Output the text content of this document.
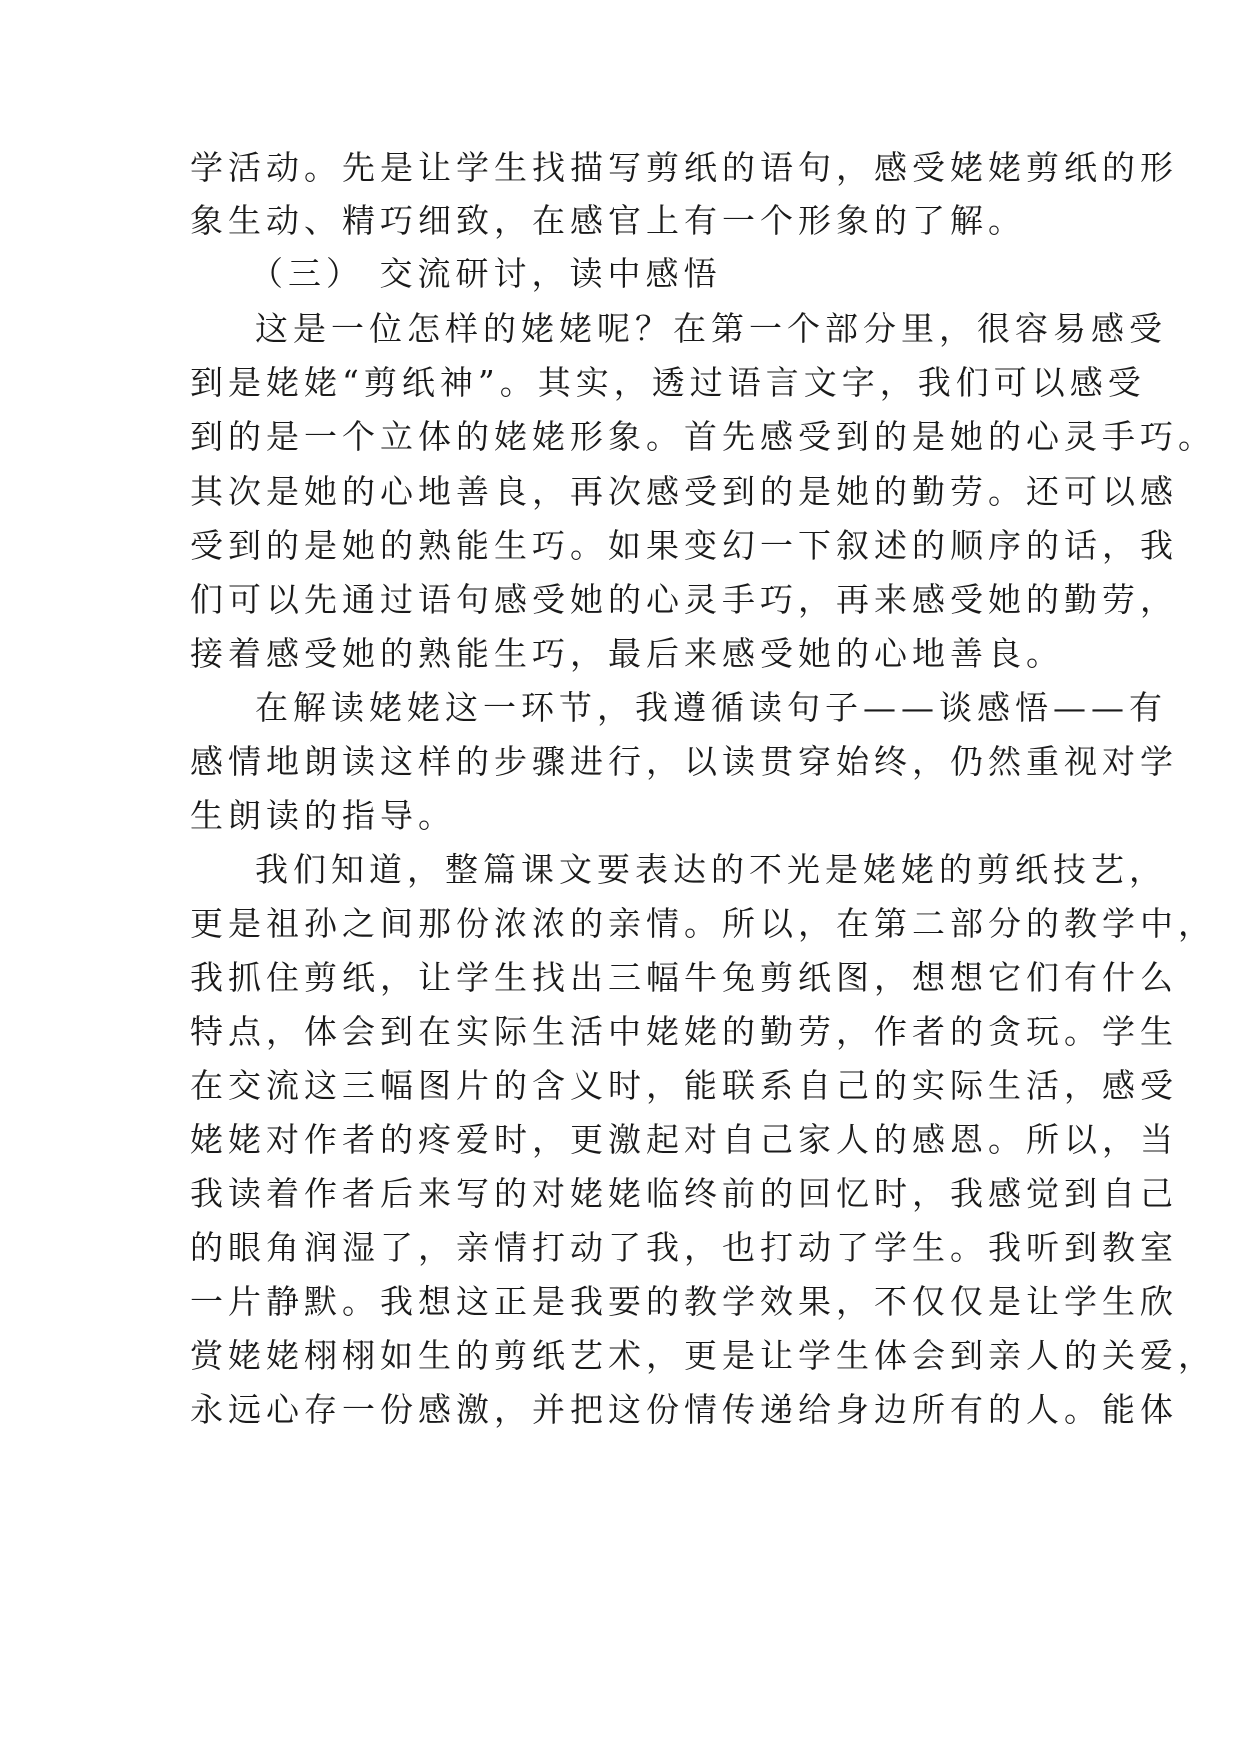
学活动。先是让学生找描写剪纸的语句，感受姥姥剪纸的形
象生动、精巧细致，在感官上有一个形象的了解。
（三） 交流研讨，读中感悟
这是一位怎样的姥姥呢？在第一个部分里，很容易感受
到是姥姥“剪纸神”。其实，透过语言文字，我们可以感受
到的是一个立体的姥姥形象。首先感受到的是她的心灵手巧。
其次是她的心地善良，再次感受到的是她的勤劳。还可以感
受到的是她的熟能生巧。如果变幻一下叙述的顺序的话，我
们可以先通过语句感受她的心灵手巧，再来感受她的勤劳，
接着感受她的熟能生巧，最后来感受她的心地善良。
在解读姥姥这一环节，我遵循读句子——谈感悟——有
感情地朗读这样的步骤进行，以读贯穿始终，仍然重视对学
生朗读的指导。
我们知道，整篇课文要表达的不光是姥姥的剪纸技艺，
更是祖孙之间那份浓浓的亲情。所以，在第二部分的教学中，
我抓住剪纸，让学生找出三幅牛兔剪纸图，想想它们有什么
特点，体会到在实际生活中姥姥的勤劳，作者的贪玩。学生
在交流这三幅图片的含义时，能联系自己的实际生活，感受
姥姥对作者的疼爱时，更激起对自己家人的感恩。所以，当
我读着作者后来写的对姥姥临终前的回忆时，我感觉到自己
的眼角润湿了，亲情打动了我，也打动了学生。我听到教室
一片静默。我想这正是我要的教学效果，不仅仅是让学生欣
赏姥姥栩栩如生的剪纸艺术，更是让学生体会到亲人的关爱，
永远心存一份感激，并把这份情传递给身边所有的人。能体
